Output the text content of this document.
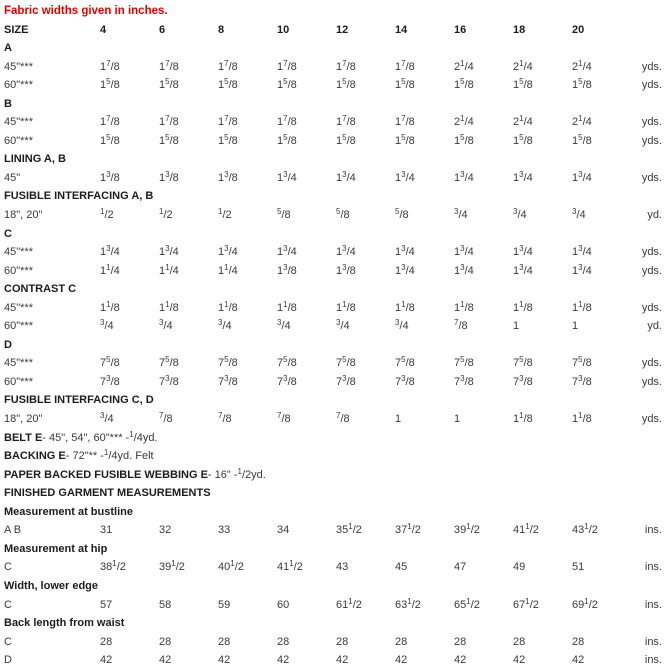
Fabric widths given in inches.
SIZE	4	6	8	10	12	14	16	18	20
A
45"***	$1^7/8$	$1^7/8$	$1^7/8$	$1^7/8$	$1^7/8$	$1^7/8$	$2^1/4$	$2^1/4$	$2^1/4$	yds.
60"***	$1^5/8$	$1^5/8$	$1^5/8$	$1^5/8$	$1^5/8$	$1^5/8$	$1^5/8$	$1^5/8$	$1^5/8$	yds.
B
45"***	$1^7/8$	$1^7/8$	$1^7/8$	$1^7/8$	$1^7/8$	$1^7/8$	$2^1/4$	$2^1/4$	$2^1/4$	yds.
60"***	$1^5/8$	$1^5/8$	$1^5/8$	$1^5/8$	$1^5/8$	$1^5/8$	$1^5/8$	$1^5/8$	$1^5/8$	yds.
LINING A, B
45"	$1^3/8$	$1^3/8$	$1^3/8$	$1^3/4$	$1^3/4$	$1^3/4$	$1^3/4$	$1^3/4$	$1^3/4$	yds.
FUSIBLE INTERFACING A, B
18", 20"	$^1$/2	$^1$/2	$^1$/2	$^5$/8	$^5$/8	$^5$/8	$^3$/4	$^3$/4	$^3$/4	yd.
C
45"***	$1^3/4$	$1^3/4$	$1^3/4$	$1^3/4$	$1^3/4$	$1^3/4$	$1^3/4$	$1^3/4$	$1^3/4$	yds.
60"***	$1^1/4$	$1^1/4$	$1^1/4$	$1^3/8$	$1^3/8$	$1^3/4$	$1^3/4$	$1^3/4$	$1^3/4$	yds.
CONTRAST C
45"***	$1^1/8$	$1^1/8$	$1^1/8$	$1^1/8$	$1^1/8$	$1^1/8$	$1^1/8$	$1^1/8$	$1^1/8$	yds.
60"***	$^3$/4	$^3$/4	$^3$/4	$^3$/4	$^3$/4	$^3$/4	$^7$/8	1	1	yd.
D
45"***	$7^5/8$	$7^5/8$	$7^5/8$	$7^5/8$	$7^5/8$	$7^5/8$	$7^5/8$	$7^5/8$	$7^5/8$	yds.
60"***	$7^3/8$	$7^3/8$	$7^3/8$	$7^3/8$	$7^3/8$	$7^3/8$	$7^3/8$	$7^3/8$	$7^3/8$	yds.
FUSIBLE INTERFACING C, D
18", 20"	$^3$/4	$^7$/8	$^7$/8	$^7$/8	$^7$/8	1	1	$1^1/8$	$1^1/8$	yds.
BELT E - 45", 54", 60"*** - $^1$/4 yd.
BACKING E - 72"** - $^1$/4 yd. Felt
PAPER BACKED FUSIBLE WEBBING E - 16" - $^1$/2 yd.
FINISHED GARMENT MEASUREMENTS
Measurement at bustline
A B	31	32	33	34	$35^1/2$	$37^1/2$	$39^1/2$	$41^1/2$	$43^1/2$	ins.
Measurement at hip
C	$38^1/2$	$39^1/2$	$40^1/2$	$41^1/2$	43	45	47	49	51	ins.
Width, lower edge
C	57	58	59	60	$61^1/2$	$63^1/2$	$65^1/2$	$67^1/2$	$69^1/2$	ins.
Back length from waist
C	28	28	28	28	28	28	28	28	28	ins.
D	42	42	42	42	42	42	42	42	42	ins.
